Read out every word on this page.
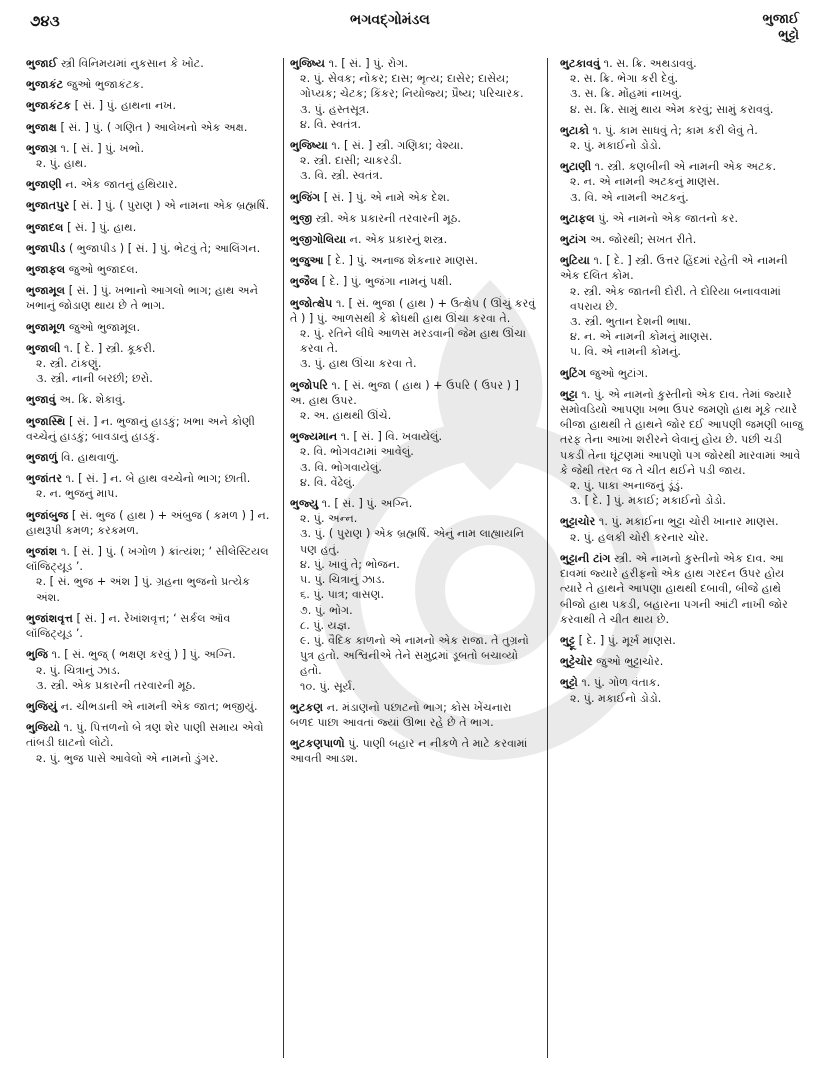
૭૪૩	ભગવદ્ગોમંડલ	ભુજાઈ
ભુટ્ટો
ભુજાઈ સ્ત્રી વિનિમયમાં નુકસાન કે ખોટ.
ભુજાકંટ જુઓ ભુજાકંટક.
ભુજાકંટક [ સં. ] પું. હાથના નખ.
ભુજાક્ષ [ સં. ] પું. ( ગણિત ) આલેખનો એક અક્ષ.
ભુજાગ્ર ૧. [ સં. ] પું. ખભો.
૨. પું. હાથ.
ભુજાણી ન. એક જાતનું હથિયાર.
ભુજાતપુર [ સં. ] પું. ( પુરાણ ) એ નામના એક બ્રહ્મર્ષિ.
ભુજાદલ [ સં. ] પું. હાથ.
ભુજાપીડ ( ભુજાપીડ ) [ સં. ] પું. ભેટવું તે; આલિંગન.
ભુજાફલ જુઓ ભુજાદલ.
ભુજામૂલ [ સં. ] પું. ખભાનો આગલો ભાગ; હાથ અને ખભાનું જોડાણ થાય છે તે ભાગ.
ભુજામૂળ જુઓ ભુજામૂલ.
ભુજાલી ૧. [ દે. ] સ્ત્રી. કૂકરી.
૨. સ્ત્રી. ટાંકણું.
૩. સ્ત્રી. નાની બરછી; છરો.
ભુજાવું અ. ક્રિ. શેકાવું.
ભુજાસ્થિ [ સં. ] ન. ભુજાનું હાડકું; ખભા અને કોણી વચ્ચેનું હાડકું; બાવડાનું હાડકું.
ભુજાળું વિ. હાથવાળું.
ભુજાંતર ૧. [ સં. ] ન. બે હાથ વચ્ચેનો ભાગ; છાતી.
૨. ન. ભુજનું માપ.
ભુજાંબુજ [ સં. ભુજ ( હાથ ) + અંબુજ ( કમળ ) ] ન. હાથરૂપી કમળ; કરકમળ.
ભુજાંશ ૧. [ સં. ] પું. ( ખગોળ ) ક્રાંત્યંશ; ‘ સીલેસ્ટિયલ લૉંજિટ્યૂડ ’.
૨. [ સં. ભુજ + અંશ ] પું. ગ્રહના ભુજનો પ્રત્યેક અંશ.
ભુજાંશવૃત્ત [ સં. ] ન. રેખાંશવૃત્ત; ‘ સર્કલ ઑવ લૉંજિટ્યૂડ ’.
ભુજિ ૧. [ સં. ભુજ્ ( ભક્ષણ કરવું ) ] પું. અગ્નિ.
૨. પું. ચિત્રાનું ઝાડ.
૩. સ્ત્રી. એક પ્રકારની તરવારની મૂઠ.
ભુજિયું ન. ચીભડાની એ નામની એક જાત; ભજીયું.
ભુજિયો ૧. પું. પિત્તળનો બે ત્રણ શેર પાણી સમાય એવો તાંબડી ઘાટનો લોટો.
૨. પું. ભુજ પાસે આવેલો એ નામનો ડુંગર.
ભુજિષ્ય ૧. [ સં. ] પું. રોગ.
૨. પું. સેવક; નોકર; દાસ; ભૃત્ય; દાસેર; દાસેય; ગોપ્યક; ચેટક; કિંકર; નિયોજ્ય; પ્રૈષ્ય; પરિચારક.
૩. પું. હસ્તસૂત્ર.
૪. વિ. સ્વતંત્ર.
ભુજિષ્યા ૧. [ સં. ] સ્ત્રી. ગણિકા; વેશ્યા.
૨. સ્ત્રી. દાસી; ચાકરડી.
૩. વિ. સ્ત્રી. સ્વતંત્ર.
ભુજિંગ [ સં. ] પું. એ નામે એક દેશ.
ભુજી સ્ત્રી. એક પ્રકારની તરવારની મૂઠ.
ભુજીગોલિયા ન. એક પ્રકારનું શસ્ત્ર.
ભુજુઆ [ દે. ] પું. અનાજ શેકનાર માણસ.
ભુજૈલ [ દે. ] પું. ભુજંગા નામનું પક્ષી.
ભુજોત્ક્ષેપ ૧. [ સં. ભુજા ( હાથ ) + ઉત્ક્ષેપ ( ઊંચું કરવું તે ) ] પું. આળસથી કે ક્રોધથી હાથ ઊંચા કરવા તે.
૨. પું. રતિને લીધે આળસ મરડવાની જેમ હાથ ઊંચા કરવા તે.
૩. પું. હાથ ઊંચા કરવા તે.
ભુજોપરિ ૧. [ સં. ભુજા ( હાથ ) + ઉપરિ ( ઉપર ) ] અ. હાથ ઉપર.
૨. અ. હાથથી ઊંચે.
ભુજ્યમાન ૧. [ સં. ] વિ. ખવાયેલું.
૨. વિ. ભોગવટામાં આવેલું.
૩. વિ. ભોગવાયેલું.
૪. વિ. વેંઢેલું.
ભુજ્યુ ૧. [ સં. ] પું. અગ્નિ.
૨. પું. અન્ન.
૩. પું. ( પુરાણ ) એક બ્રહ્મર્ષિ. એનું નામ લાહ્યાયનિ પણ હતું.
૪. પું. ખાવું તે; ભોજન.
૫. પું. ચિત્રાનું ઝાડ.
૬. પું. પાત્ર; વાસણ.
૭. પું. ભોગ.
૮. પું. યજ્ઞ.
૯. પું. વૈદિક કાળનો એ નામનો એક રાજા. તે તુગ્રનો પુત્ર હતો. અશ્વિનીએ તેને સમુદ્રમાં ડૂબતો બચાવ્યો હતો.
૧૦. પું. સૂર્ય.
ભુટકણ ન. મંડાણનો પછાટનો ભાગ; કોસ ખેંચનારા બળદ પાછા આવતાં જ્યાં ઊભા રહે છે તે ભાગ.
ભુટકણપાળો પું. પાણી બહાર ન નીકળે તે માટે કરવામાં આવતી આડશ.
ભુટકાવવું ૧. સ. ક્રિ. અથડાવવું.
૨. સ. ક્રિ. ભેગા કરી દેવું.
૩. સ. ક્રિ. મોંહમાં નાખવું.
૪. સ. ક્રિ. સામું થાય એમ કરવું; સામું કરાવવું.
ભુટાકો ૧. પું. કામ સાધવું તે; કામ કરી લેવું તે.
૨. પું. મકાઈનો ડોડો.
ભુટાણી ૧. સ્ત્રી. કણબીની એ નામની એક અટક.
૨. ન. એ નામની અટકનું માણસ.
૩. વિ. એ નામની અટકનું.
ભુટાફલ પું. એ નામનો એક જાતનો કર.
ભુટાંગ અ. જોરથી; સખત રીતે.
ભુટિયા ૧. [ દે. ] સ્ત્રી. ઉત્તર હિંદમાં રહેતી એ નામની એક દલિત કોમ.
૨. સ્ત્રી. એક જાતની દોરી. તે દોરિયા બનાવવામાં વપરાય છે.
૩. સ્ત્રી. ભુતાન દેશની ભાષા.
૪. ન. એ નામની કોમનું માણસ.
૫. વિ. એ નામની કોમનું.
ભુટિંગ જુઓ ભુટાંગ.
ભુટ્ટા ૧. પું. એ નામનો કુસ્તીનો એક દાવ. તેમાં જ્યારે સમોવડિયો આપણા ખભા ઉપર જમણો હાથ મૂકે ત્યારે બીજા હાથથી તે હાથને જોર દઈ આપણી જમણી બાજુ તરફ તેના આખા શરીરને લેવાનું હોય છે. પછી ચડી પકડી તેના ઘૂંટણમાં આપણો પગ જોરથી મારવામાં આવે કે જેથી તરત જ તે ચીત થઈને પડી જાય.
૨. પું. પાકા અનાજનું ડૂંડું.
૩. [ દે. ] પું. મકાઈ; મકાઈનો ડોડો.
ભુટ્ટાચોર ૧. પું. મકાઈના ભુટ્ટા ચોરી ખાનાર માણસ.
૨. પું. હલકી ચોરી કરનાર ચોર.
ભુટ્ટાની ટાંગ સ્ત્રી. એ નામનો કુસ્તીનો એક દાવ. આ દાવમાં જ્યારે હરીફનો એક હાથ ગરદન ઉપર હોય ત્યારે તે હાથને આપણા હાથથી દબાવી, બીજે હાથે બીજો હાથ પકડી, બહારના પગની આંટી નાખી જોર કરવાથી તે ચીત થાય છે.
ભુટ્ટૂ [ દે. ] પું. મૂર્ખ માણસ.
ભુટ્ટેચોર જુઓ ભુટ્ટાચોર.
ભુટ્ટો ૧. પું. ગોળ વંતાક.
૨. પું. મકાઈનો ડોડો.
